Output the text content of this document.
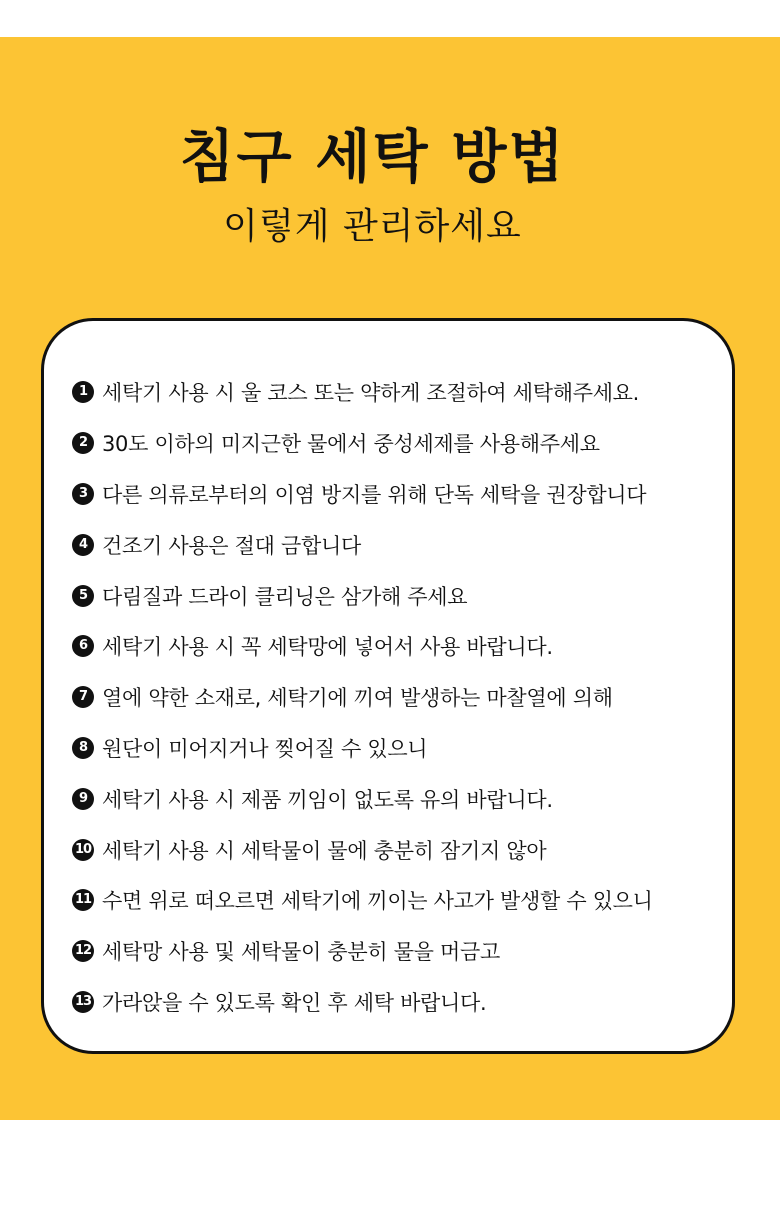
침구 세탁 방법
이렇게 관리하세요
1 세탁기 사용 시 울 코스 또는 약하게 조절하여 세탁해주세요.
2 30도 이하의 미지근한 물에서 중성세제를 사용해주세요
3 다른 의류로부터의 이염 방지를 위해 단독 세탁을 권장합니다
4 건조기 사용은 절대 금합니다
5 다림질과 드라이 클리닝은 삼가해 주세요
6 세탁기 사용 시 꼭 세탁망에 넣어서 사용 바랍니다.
7 열에 약한 소재로, 세탁기에 끼여 발생하는 마찰열에 의해
8 원단이 미어지거나 찢어질 수 있으니
9 세탁기 사용 시 제품 끼임이 없도록 유의 바랍니다.
10 세탁기 사용 시 세탁물이 물에 충분히 잠기지 않아
11 수면 위로 떠오르면 세탁기에 끼이는 사고가 발생할 수 있으니
12 세탁망 사용 및 세탁물이 충분히 물을 머금고
13 가라앉을 수 있도록 확인 후 세탁 바랍니다.
